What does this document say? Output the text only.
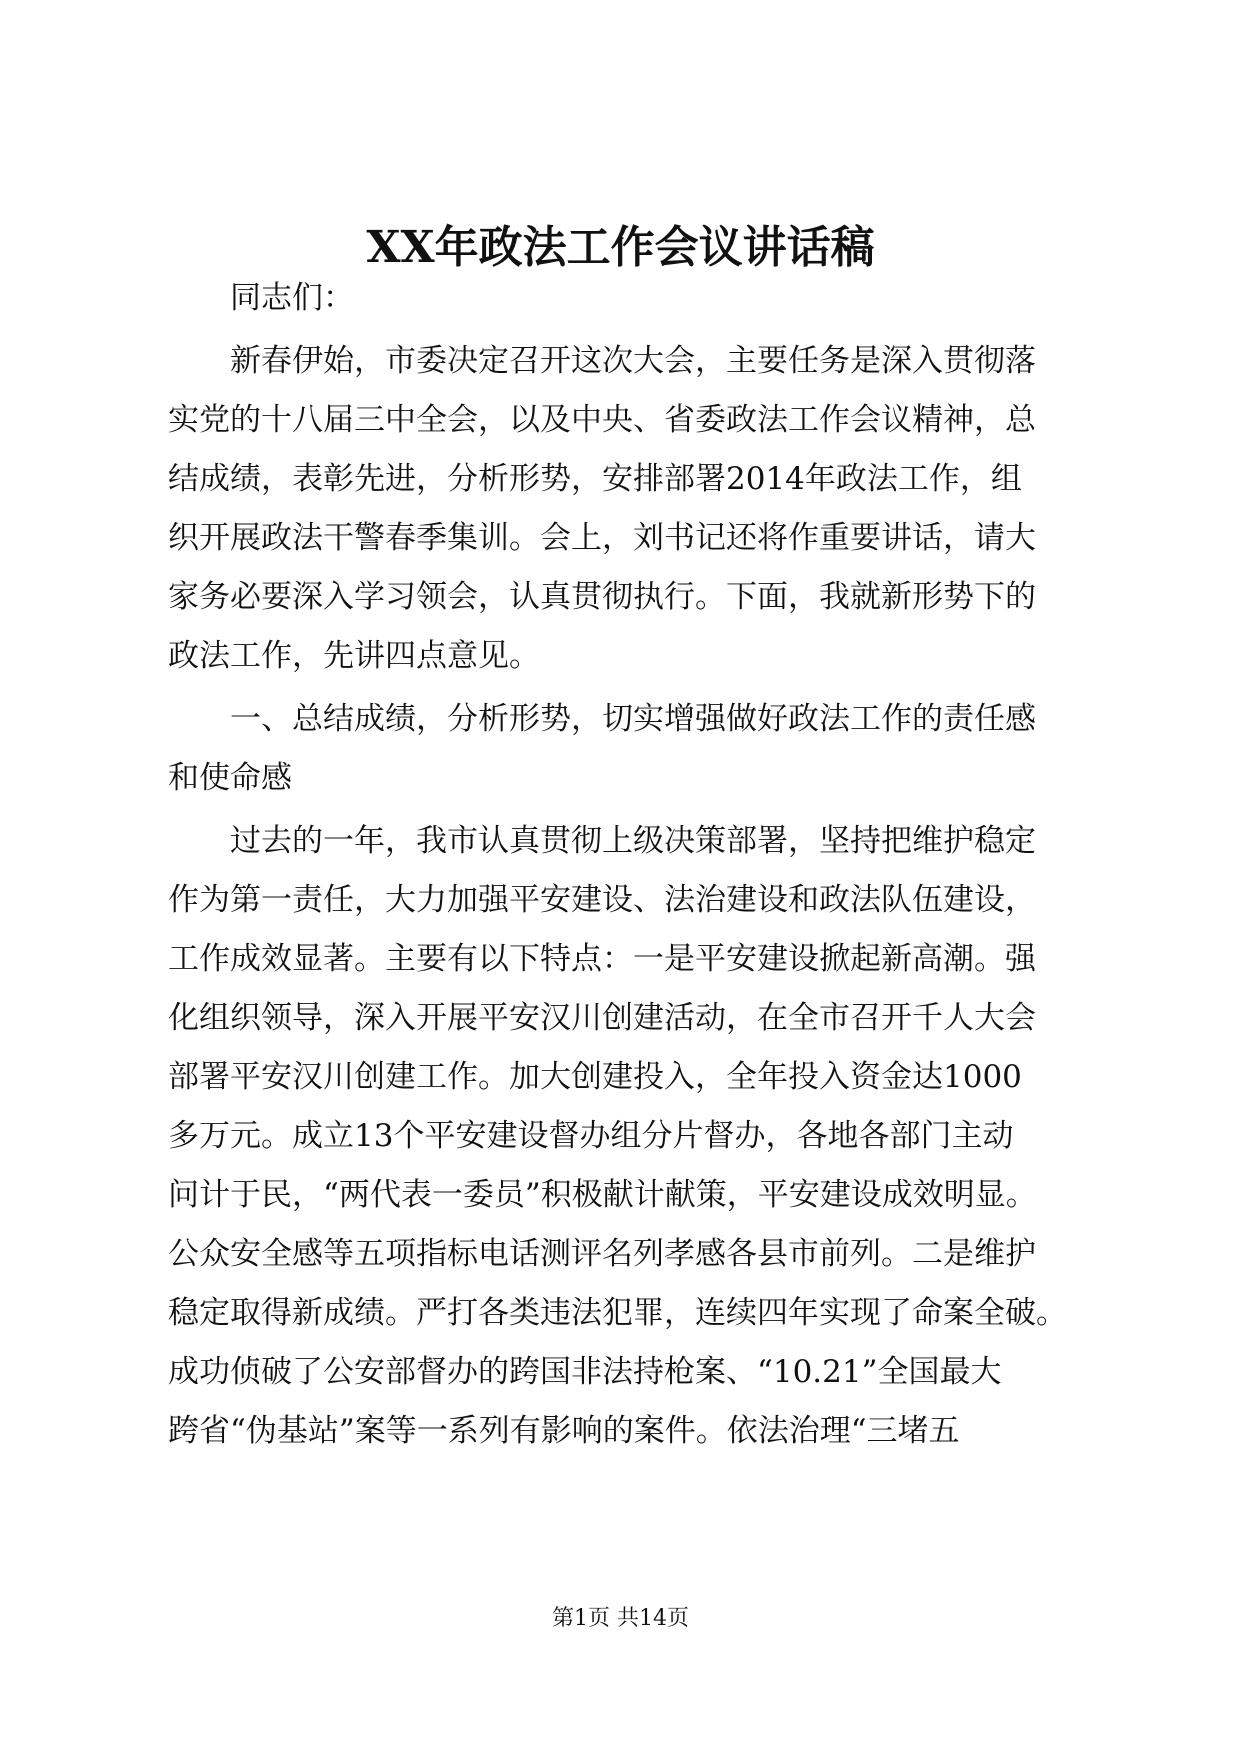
XX年政法工作会议讲话稿

同志们：

新春伊始，市委决定召开这次大会，主要任务是深入贯彻落

实党的十八届三中全会，以及中央、省委政法工作会议精神，总

结成绩，表彰先进，分析形势，安排部署2014年政法工作，组

织开展政法干警春季集训。会上，刘书记还将作重要讲话，请大

家务必要深入学习领会，认真贯彻执行。下面，我就新形势下的

政法工作，先讲四点意见。

一、总结成绩，分析形势，切实增强做好政法工作的责任感

和使命感

过去的一年，我市认真贯彻上级决策部署，坚持把维护稳定

作为第一责任，大力加强平安建设、法治建设和政法队伍建设，

工作成效显著。主要有以下特点：一是平安建设掀起新高潮。强

化组织领导，深入开展平安汉川创建活动，在全市召开千人大会

部署平安汉川创建工作。加大创建投入，全年投入资金达1000

多万元。成立13个平安建设督办组分片督办，各地各部门主动

问计于民，“两代表一委员”积极献计献策，平安建设成效明显。

公众安全感等五项指标电话测评名列孝感各县市前列。二是维护

稳定取得新成绩。严打各类违法犯罪，连续四年实现了命案全破。

成功侦破了公安部督办的跨国非法持枪案、“10.21”全国最大

跨省“伪基站”案等一系列有影响的案件。依法治理“三堵五

第1页 共14页
